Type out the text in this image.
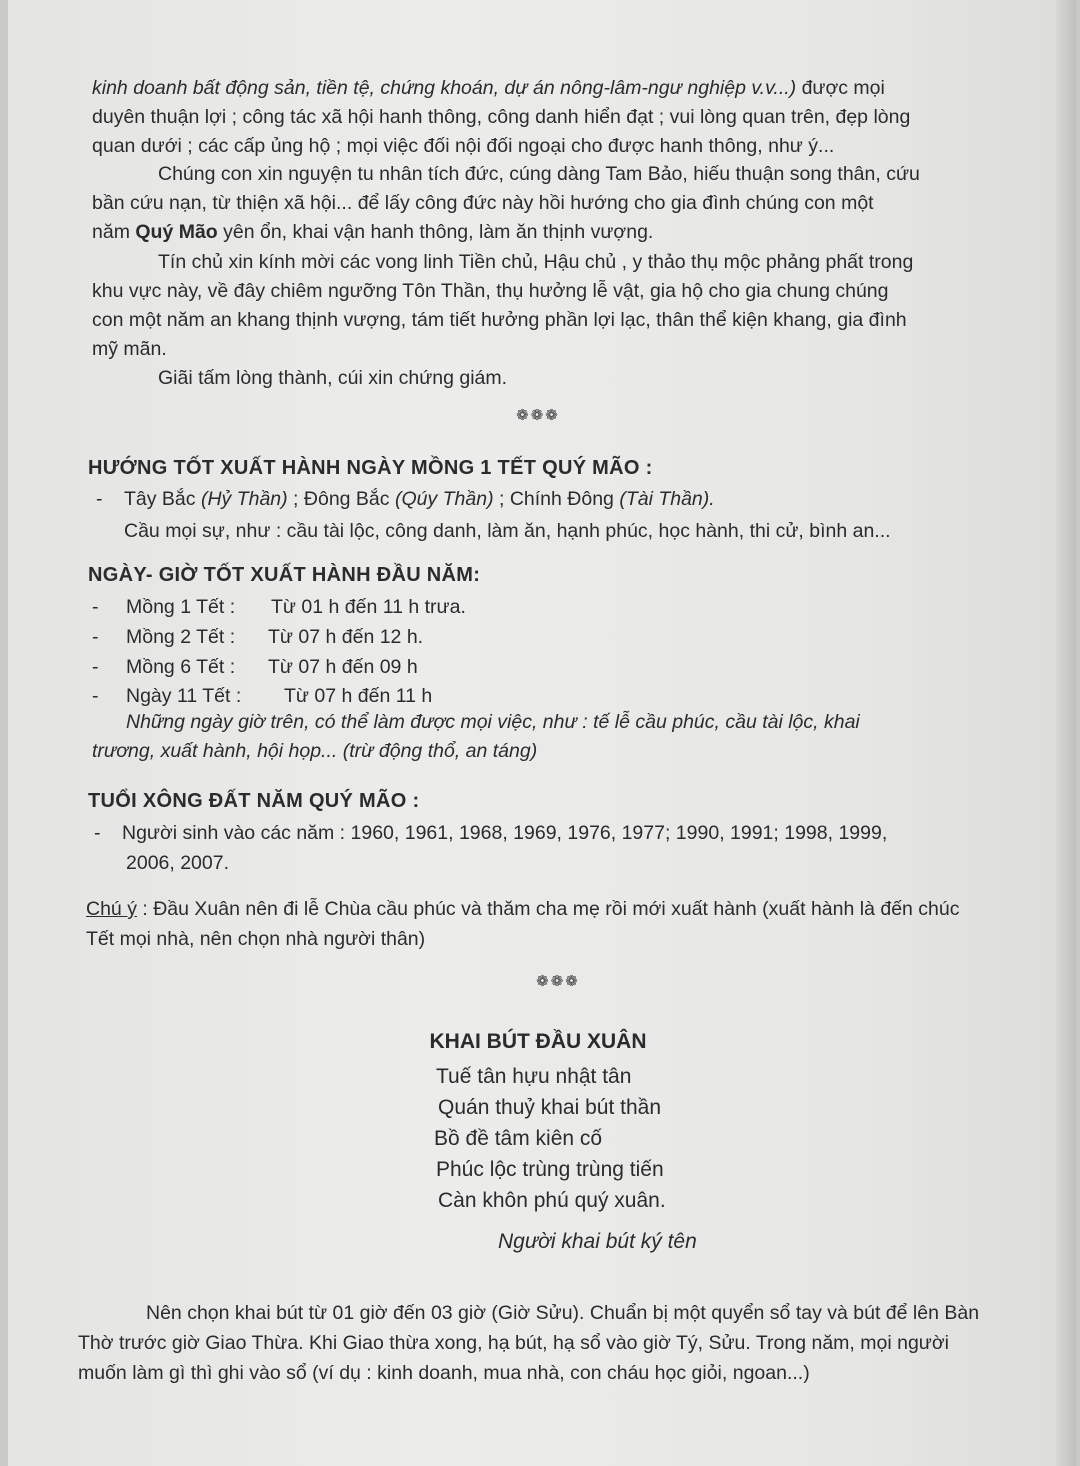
kinh doanh bất động sản, tiền tệ, chứng khoán, dự án nông-lâm-ngư nghiệp v.v...) được mọi
duyên thuận lợi ; công tác xã hội hanh thông, công danh hiển đạt ; vui lòng quan trên, đẹp lòng
quan dưới ; các cấp ủng hộ ; mọi việc đối nội đối ngoại cho được hanh thông, như ý...
Chúng con xin nguyện tu nhân tích đức, cúng dàng Tam Bảo, hiếu thuận song thân, cứu
bần cứu nạn, từ thiện xã hội... để lấy công đức này hồi hướng cho gia đình chúng con một
năm Quý Mão yên ổn, khai vận hanh thông, làm ăn thịnh vượng.
Tín chủ xin kính mời các vong linh Tiền chủ, Hậu chủ , y thảo thụ mộc phảng phất trong
khu vực này, về đây chiêm ngưỡng Tôn Thần, thụ hưởng lễ vật, gia hộ cho gia chung chúng
con một năm an khang thịnh vượng, tám tiết hưởng phần lợi lạc, thân thể kiện khang, gia đình
mỹ mãn.
Giãi tấm lòng thành, cúi xin chứng giám.
❁❁❁
HƯỚNG TỐT XUẤT HÀNH NGÀY MỒNG 1 TẾT QUÝ MÃO :
- Tây Bắc (Hỷ Thần) ; Đông Bắc (Qúy Thần) ; Chính Đông (Tài Thần).
Cầu mọi sự, như : cầu tài lộc, công danh, làm ăn, hạnh phúc, học hành, thi cử, bình an...
NGÀY- GIỜ TỐT XUẤT HÀNH ĐẦU NĂM:
- Mồng 1 Tết : Từ 01 h đến 11 h trưa.
- Mồng 2 Tết : Từ 07 h đến 12 h.
- Mồng 6 Tết : Từ 07 h đến 09 h
- Ngày 11 Tết : Từ 07 h đến 11 h
Những ngày giờ trên, có thể làm được mọi việc, như : tế lễ cầu phúc, cầu tài lộc, khai
trương, xuất hành, hội họp... (trừ động thổ, an táng)
TUỔI XÔNG ĐẤT NĂM QUÝ MÃO :
- Người sinh vào các năm : 1960, 1961, 1968, 1969, 1976, 1977; 1990, 1991; 1998, 1999,
2006, 2007.
Chú ý : Đầu Xuân nên đi lễ Chùa cầu phúc và thăm cha mẹ rồi mới xuất hành (xuất hành là đến chúc
Tết mọi nhà, nên chọn nhà người thân)
❁❁❁
KHAI BÚT ĐẦU XUÂN
Tuế tân hựu nhật tân
Quán thuỷ khai bút thần
Bồ đề tâm kiên cố
Phúc lộc trùng trùng tiến
Càn khôn phú quý xuân.
Người khai bút ký tên
Nên chọn khai bút từ 01 giờ đến 03 giờ (Giờ Sửu). Chuẩn bị một quyển sổ tay và bút để lên Bàn
Thờ trước giờ Giao Thừa. Khi Giao thừa xong, hạ bút, hạ sổ vào giờ Tý, Sửu. Trong năm, mọi người
muốn làm gì thì ghi vào sổ (ví dụ : kinh doanh, mua nhà, con cháu học giỏi, ngoan...)
